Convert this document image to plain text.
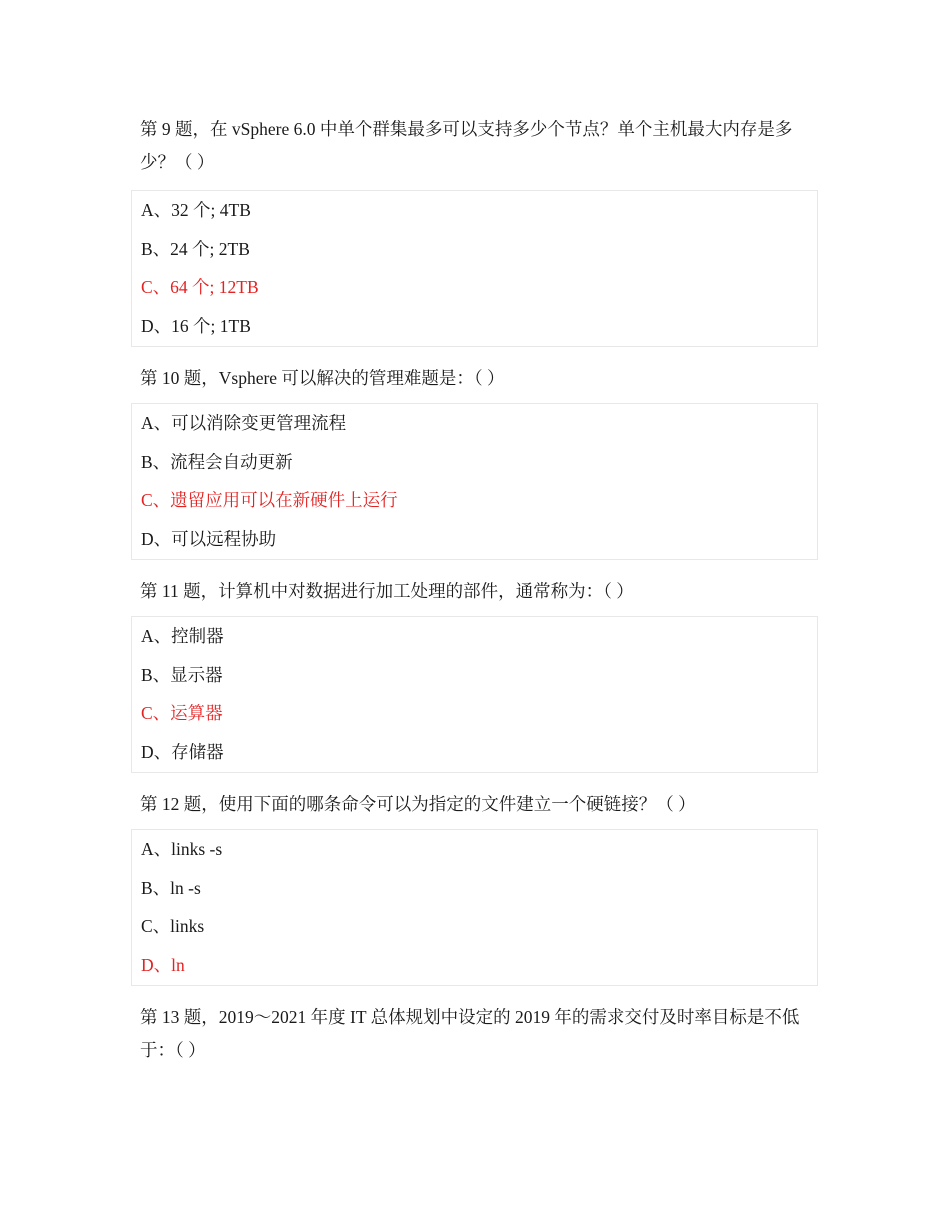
第 9 题，在 vSphere 6.0 中单个群集最多可以支持多少个节点？单个主机最大内存是多少？（ ）

A、32 个; 4TB
B、24 个; 2TB
C、64 个; 12TB
D、16 个; 1TB

第 10 题，Vsphere 可以解决的管理难题是：（ ）

A、可以消除变更管理流程
B、流程会自动更新
C、遗留应用可以在新硬件上运行
D、可以远程协助

第 11 题，计算机中对数据进行加工处理的部件，通常称为：（ ）

A、控制器
B、显示器
C、运算器
D、存储器

第 12 题，使用下面的哪条命令可以为指定的文件建立一个硬链接？（ ）

A、links -s
B、ln -s
C、links
D、ln

第 13 题，2019～2021 年度 IT 总体规划中设定的 2019 年的需求交付及时率目标是不低于：（ ）
